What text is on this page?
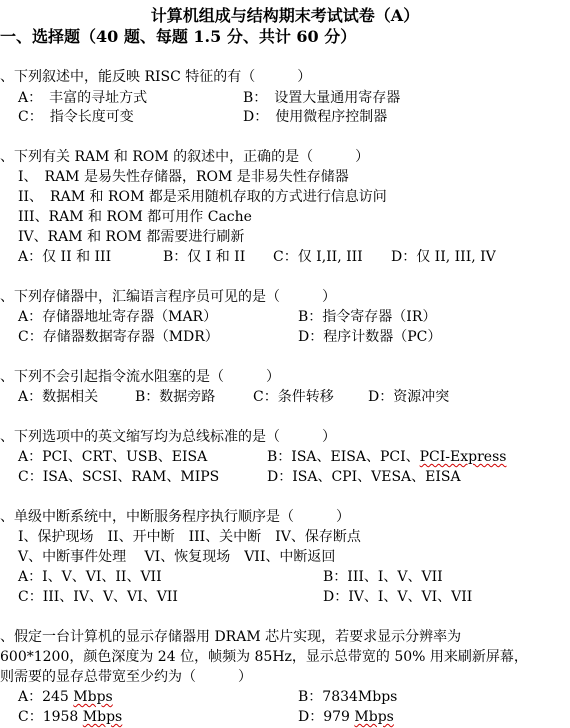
计算机组成与结构期末考试试卷（A）
一、选择题（40 题、每题 1.5 分、共计 60 分）
、下列叙述中，能反映 RISC 特征的有（　　　）
A：　丰富的寻址方式	B：　设置大量通用寄存器
C：　指令长度可变	D：　使用微程序控制器
、下列有关 RAM 和 ROM 的叙述中，正确的是（　　　）
I、　RAM 是易失性存储器，ROM 是非易失性存储器
II、　RAM 和 ROM 都是采用随机存取的方式进行信息访问
III、RAM 和 ROM 都可用作 Cache
IV、RAM 和 ROM 都需要进行刷新
A：仅 II 和 III	B：仅 I 和 II C：仅 I,II, III D：仅 II, III, IV
、下列存储器中，汇编语言程序员可见的是（　　　）
A：存储器地址寄存器（MAR）	B：指令寄存器（IR）
C：存储器数据寄存器（MDR）	D：程序计数器（PC）
、下列不会引起指令流水阻塞的是（　　　）
A：数据相关	B：数据旁路	C：条件转移 D：资源冲突
、下列选项中的英文缩写均为总线标准的是（　　　）
A：PCI、CRT、USB、EISA	B：ISA、EISA、PCI、PCI-Express
C：ISA、SCSI、RAM、MIPS	D：ISA、CPI、VESA、EISA
、单级中断系统中，中断服务程序执行顺序是（　　　）
I、保护现场　II、开中断　III、关中断　IV、保存断点
V、中断事件处理　 VI、恢复现场　VII、中断返回
A：I、V、VI、II、VII	B：III、I、V、VII
C：III、IV、V、VI、VII	D：IV、I、V、VI、VII
、假定一台计算机的显示存储器用 DRAM 芯片实现，若要求显示分辨率为
600*1200，颜色深度为 24 位，帧频为 85Hz，显示总带宽的 50% 用来刷新屏幕，
则需要的显存总带宽至少约为（　　　）
A：245 Mbps	B：7834Mbps
C：1958 Mbps	D：979 Mbps
